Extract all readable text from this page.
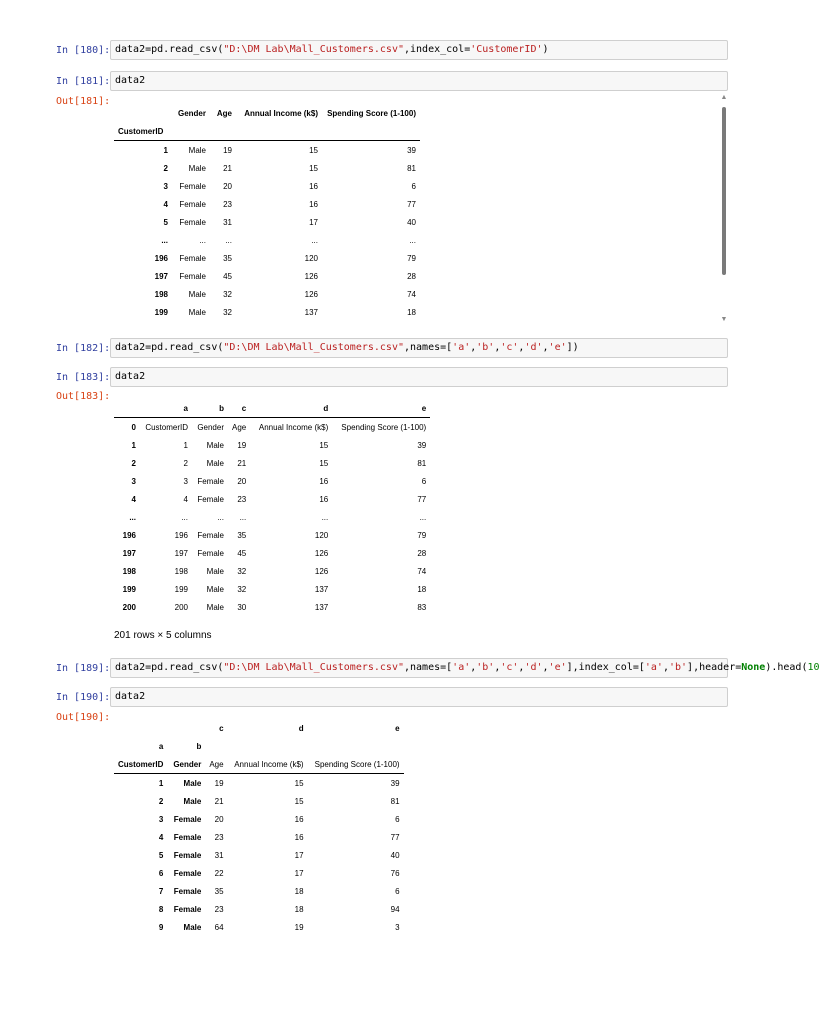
In [180]: data2=pd.read_csv("D:\DM Lab\Mall_Customers.csv",index_col='CustomerID')
In [181]: data2
Out[181]:
	Gender	Age	Annual Income (k$)	Spending Score (1-100)
CustomerID				
1	Male	19	15	39
2	Male	21	15	81
3	Female	20	16	6
4	Female	23	16	77
5	Female	31	17	40
...	...	...	...	...
196	Female	35	120	79
197	Female	45	126	28
198	Male	32	126	74
199	Male	32	137	18
▲
▼
In [182]: data2=pd.read_csv("D:\DM Lab\Mall_Customers.csv",names=['a','b','c','d','e'])
In [183]: data2
Out[183]:
	a	b	c	d	e
0	CustomerID	Gender	Age	Annual Income (k$)	Spending Score (1-100)
1	1	Male	19	15	39
2	2	Male	21	15	81
3	3	Female	20	16	6
4	4	Female	23	16	77
...	...	...	...	...	...
196	196	Female	35	120	79
197	197	Female	45	126	28
198	198	Male	32	126	74
199	199	Male	32	137	18
200	200	Male	30	137	83
201 rows × 5 columns
In [189]: data2=pd.read_csv("D:\DM Lab\Mall_Customers.csv",names=['a','b','c','d','e'],index_col=['a','b'],header=None).head(10
In [190]: data2
Out[190]:
		c	d	e
a	b			
CustomerID	Gender	Age	Annual Income (k$)	Spending Score (1-100)
1	Male	19	15	39
2	Male	21	15	81
3	Female	20	16	6
4	Female	23	16	77
5	Female	31	17	40
6	Female	22	17	76
7	Female	35	18	6
8	Female	23	18	94
9	Male	64	19	3
